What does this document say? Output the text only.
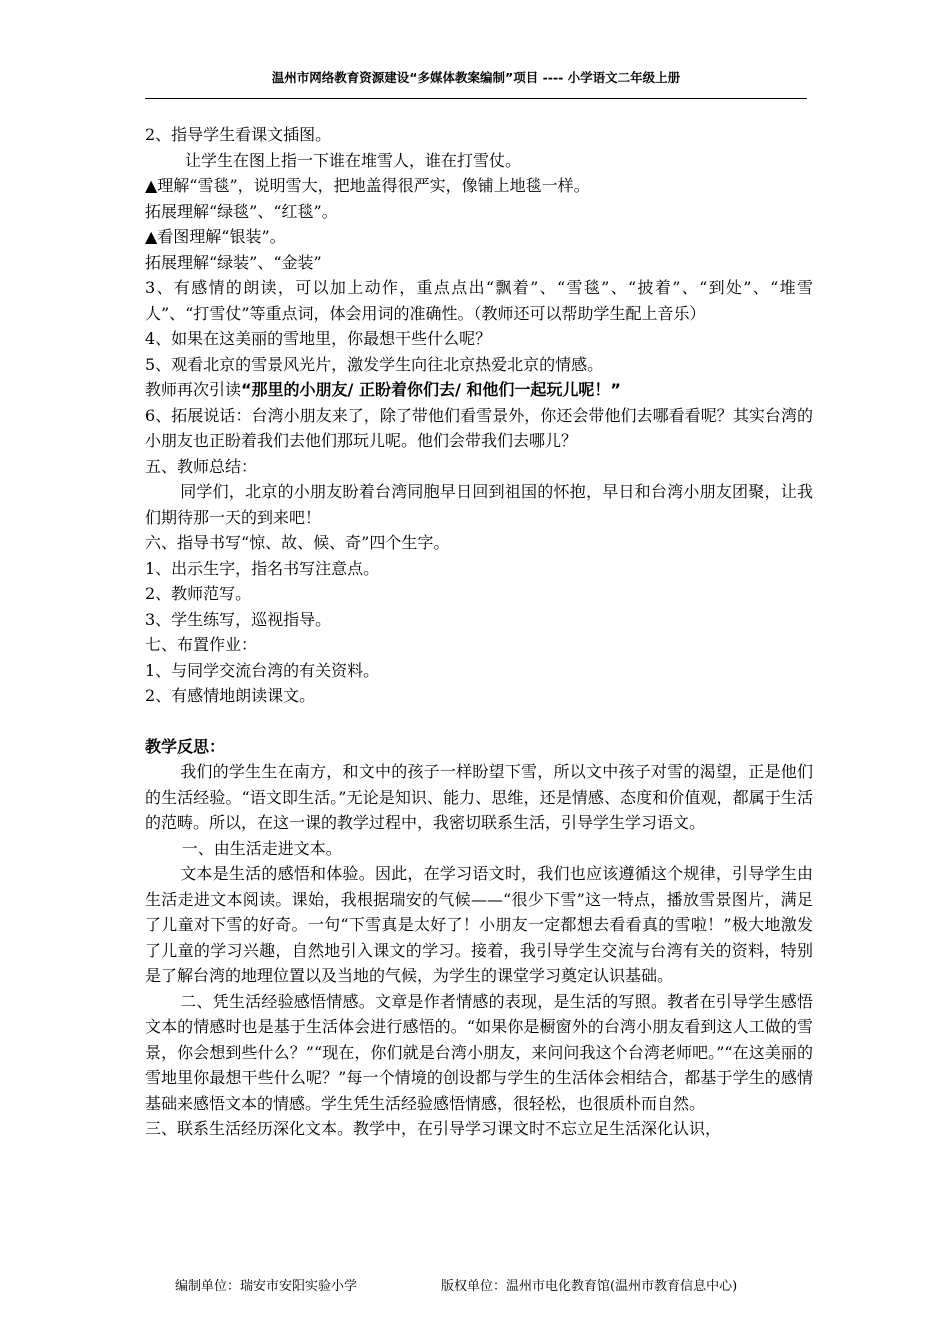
温州市网络教育资源建设“多媒体教案编制”项目 ---- 小学语文二年级上册

2、指导学生看课文插图。

让学生在图上指一下谁在堆雪人，谁在打雪仗。

▲理解“雪毯”，说明雪大，把地盖得很严实，像铺上地毯一样。

拓展理解“绿毯”、“红毯”。

▲看图理解“银装”。

拓展理解“绿装”、“金装”

3、有感情的朗读，可以加上动作，重点点出“飘着”、“雪毯”、“披着”、“到处”、“堆雪人”、“打雪仗”等重点词，体会用词的准确性。（教师还可以帮助学生配上音乐）

4、如果在这美丽的雪地里，你最想干些什么呢？

5、观看北京的雪景风光片，激发学生向往北京热爱北京的情感。

教师再次引读“那里的小朋友/ 正盼着你们去/ 和他们一起玩儿呢！”

6、拓展说话：台湾小朋友来了，除了带他们看雪景外，你还会带他们去哪看看呢？其实台湾的小朋友也正盼着我们去他们那玩儿呢。他们会带我们去哪儿？

五、教师总结：

同学们，北京的小朋友盼着台湾同胞早日回到祖国的怀抱，早日和台湾小朋友团聚，让我们期待那一天的到来吧！

六、指导书写“惊、故、候、奇”四个生字。

1、出示生字，指名书写注意点。

2、教师范写。

3、学生练写，巡视指导。

七、布置作业：

1、与同学交流台湾的有关资料。

2、有感情地朗读课文。

教学反思：

我们的学生生在南方，和文中的孩子一样盼望下雪，所以文中孩子对雪的渴望，正是他们的生活经验。“语文即生活。”无论是知识、能力、思维，还是情感、态度和价值观，都属于生活的范畴。所以，在这一课的教学过程中，我密切联系生活，引导学生学习语文。

一、由生活走进文本。

文本是生活的感悟和体验。因此，在学习语文时，我们也应该遵循这个规律，引导学生由生活走进文本阅读。课始，我根据瑞安的气候——“很少下雪”这一特点，播放雪景图片，满足了儿童对下雪的好奇。一句“下雪真是太好了！小朋友一定都想去看看真的雪啦！”极大地激发了儿童的学习兴趣，自然地引入课文的学习。接着，我引导学生交流与台湾有关的资料，特别是了解台湾的地理位置以及当地的气候，为学生的课堂学习奠定认识基础。

二、凭生活经验感悟情感。文章是作者情感的表现，是生活的写照。教者在引导学生感悟文本的情感时也是基于生活体会进行感悟的。“如果你是橱窗外的台湾小朋友看到这人工做的雪景，你会想到些什么？”“现在，你们就是台湾小朋友，来问问我这个台湾老师吧。”“在这美丽的雪地里你最想干些什么呢？”每一个情境的创设都与学生的生活体会相结合，都基于学生的感情基础来感悟文本的情感。学生凭生活经验感悟情感，很轻松，也很质朴而自然。

三、联系生活经历深化文本。教学中，在引导学习课文时不忘立足生活深化认识，

编制单位：瑞安市安阳实验小学	版权单位：温州市电化教育馆(温州市教育信息中心)
